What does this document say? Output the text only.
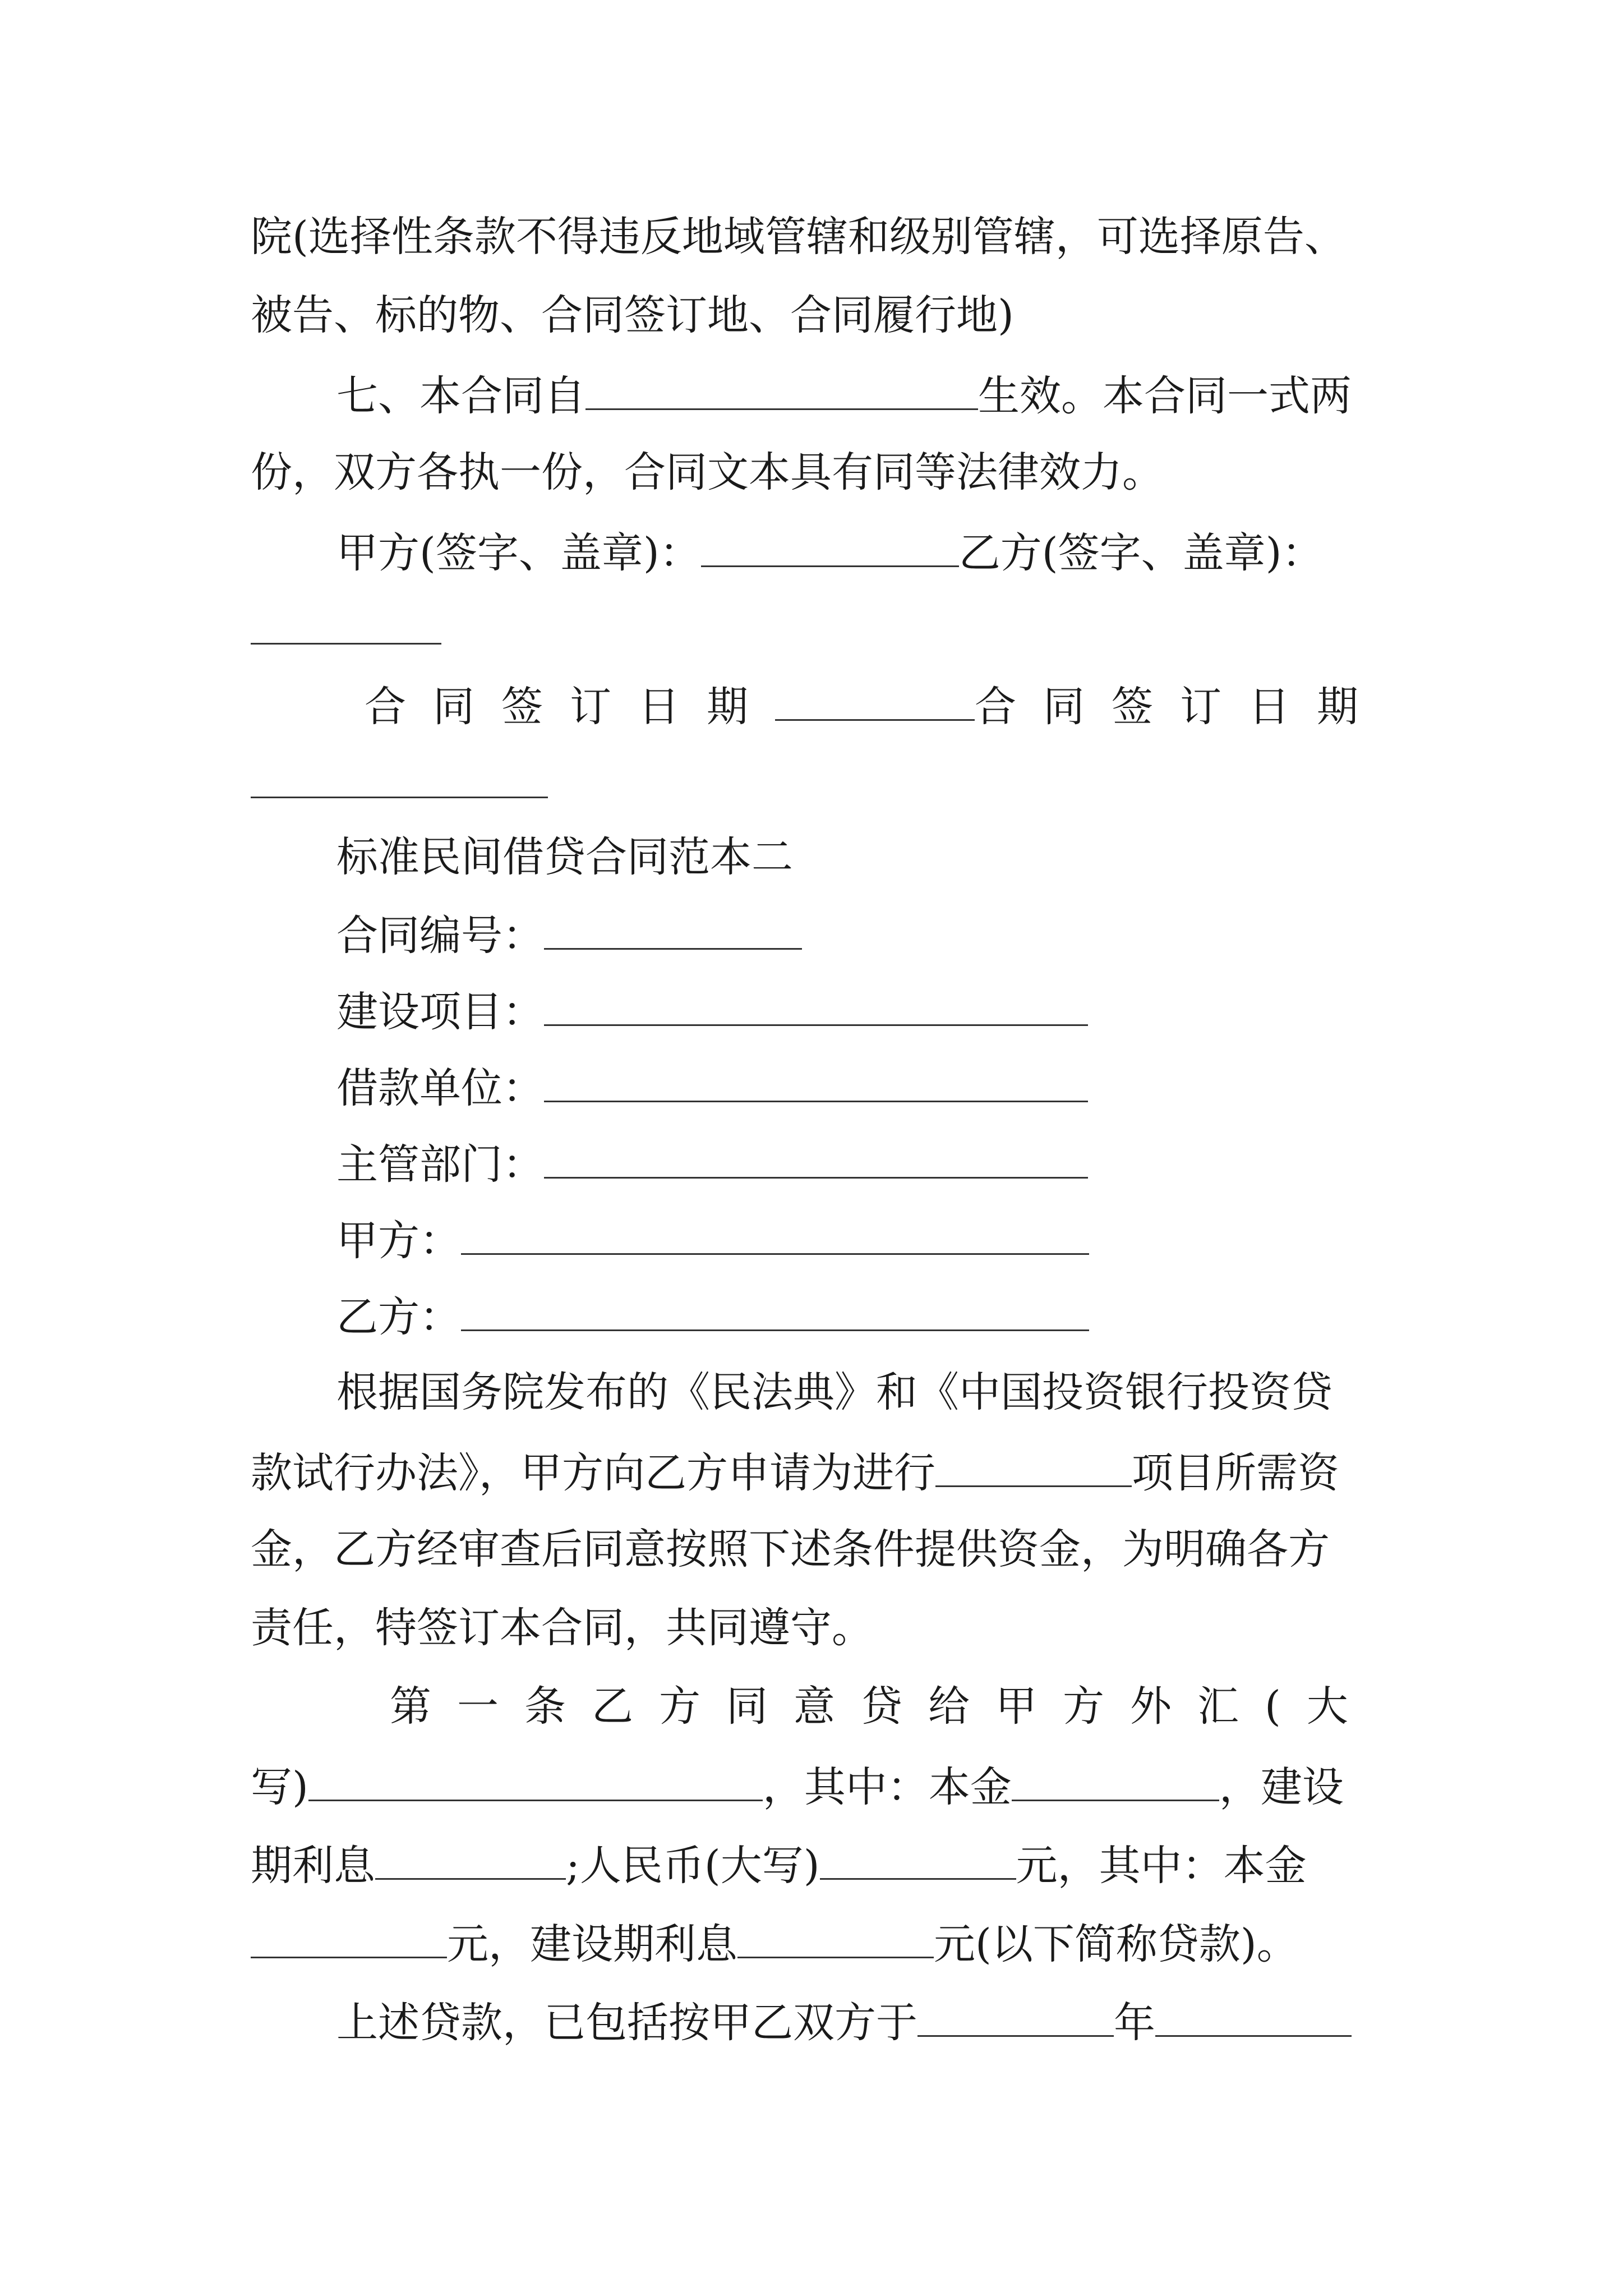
院(选择性条款不得违反地域管辖和级别管辖，可选择原告、
被告、标的物、合同签订地、合同履行地)
七、本合同自	生效。本合同一式两
份，双方各执一份，合同文本具有同等法律效力。
甲方(签字、盖章)：	乙方(签字、盖章)：
合同签订日期	合同签订日期
标准民间借贷合同范本二
合同编号：
建设项目：
借款单位：
主管部门：
甲方：
乙方：
根据国务院发布的《民法典》和《中国投资银行投资贷
款试行办法》，甲方向乙方申请为进行	项目所需资
金，乙方经审查后同意按照下述条件提供资金，为明确各方
责任，特签订本合同，共同遵守。
第一条乙方同意贷给甲方外汇(大
写)	，其中：本金	，建设
期利息	;人民币(大写)	元，其中：本金
元，建设期利息	元(以下简称贷款)。
上述贷款，已包括按甲乙双方于	年
